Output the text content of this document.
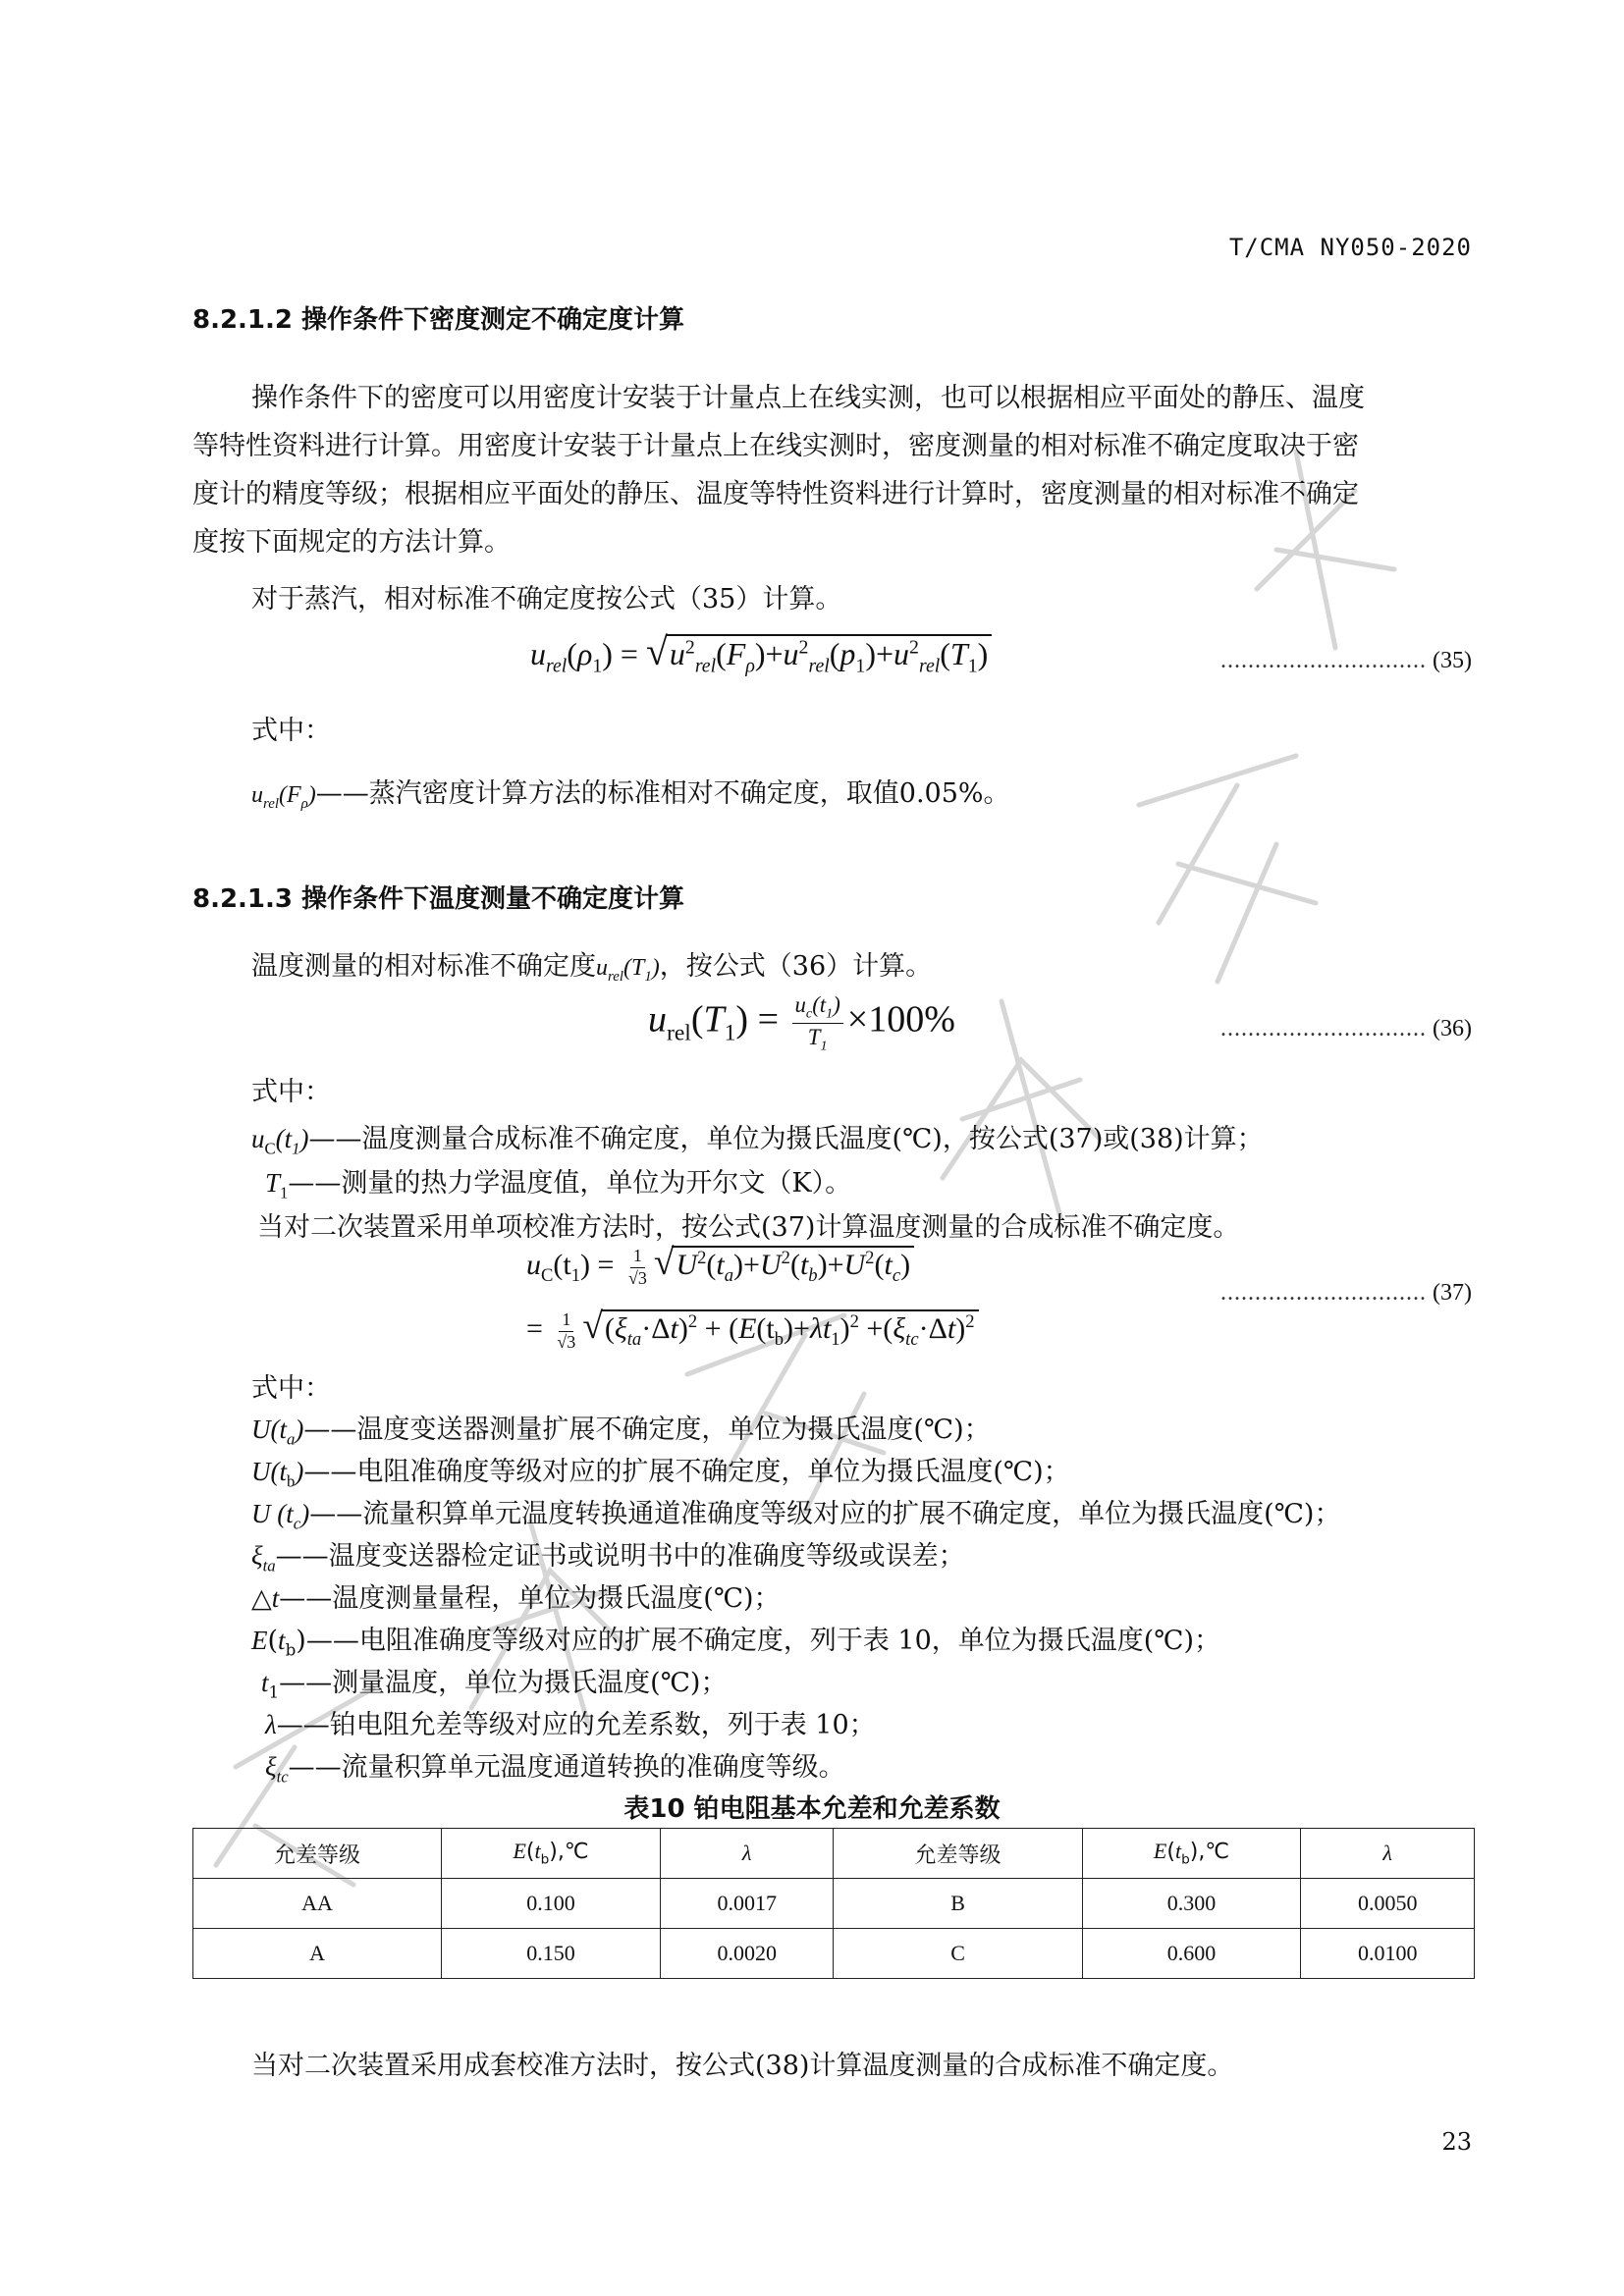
T/CMA NY050-2020
8.2.1.2 操作条件下密度测定不确定度计算
操作条件下的密度可以用密度计安装于计量点上在线实测，也可以根据相应平面处的静压、温度
等特性资料进行计算。用密度计安装于计量点上在线实测时，密度测量的相对标准不确定度取决于密
度计的精度等级；根据相应平面处的静压、温度等特性资料进行计算时，密度测量的相对标准不确定
度按下面规定的方法计算。
对于蒸汽，相对标准不确定度按公式（35）计算。
$u_{rel}(\rho_1) = √u^2_{rel}(F_\rho)+u^2_{rel}(p_1)+u^2_{rel}(T_1)$	.............................. (35)
式中：
$u_{rel}(F_\rho)——$蒸汽密度计算方法的标准相对不确定度，取值0.05%。
8.2.1.3 操作条件下温度测量不确定度计算
温度测量的相对标准不确定度$u_{rel}(T_1)$，按公式（36）计算。
$u_{rel}(T_1) = \frac{u_c(t_1)}{T_1} \times 100\%$	.............................. (36)
式中：
$u_C(t_1)——$温度测量合成标准不确定度，单位为摄氏温度(℃)，按公式(37)或(38)计算；
$T_1——$测量的热力学温度值，单位为开尔文（K）。
当对二次装置采用单项校准方法时，按公式(37)计算温度测量的合成标准不确定度。
$u_C(t_1) = \frac{1}{√3} √U^2(t_a)+U^2(t_b)+U^2(t_c)$
= $\frac{1}{√3} √(\xi_{ta}\cdot\Delta t)^2 + (E(t_b)+\lambda t_1)^2 +(\xi_{tc}\cdot\Delta t)^2$
.............................. (37)
式中：
$U(t_a)——$温度变送器测量扩展不确定度，单位为摄氏温度(℃)；
$U(t_b)——$电阻准确度等级对应的扩展不确定度，单位为摄氏温度(℃)；
U $(t_c)——$流量积算单元温度转换通道准确度等级对应的扩展不确定度，单位为摄氏温度(℃)；
$\xi_{ta}——$温度变送器检定证书或说明书中的准确度等级或误差；
△t——温度测量量程，单位为摄氏温度(℃)；
$E(t_b)——$电阻准确度等级对应的扩展不确定度，列于表 10，单位为摄氏温度(℃)；
$t_1——$测量温度，单位为摄氏温度(℃)；
λ——铂电阻允差等级对应的允差系数，列于表 10；
表10 铂电阻基本允差和允差系数
允差等级	$E(t_b),℃$	λ	允差等级	$E(t_b),℃$	λ
AA	0.100	0.0017	B	0.300	0.0050
A	0.150	0.0020	C	0.600	0.0100
当对二次装置采用成套校准方法时，按公式(38)计算温度测量的合成标准不确定度。
23
$\xi_{tc}——$流量积算单元温度通道转换的准确度等级。
